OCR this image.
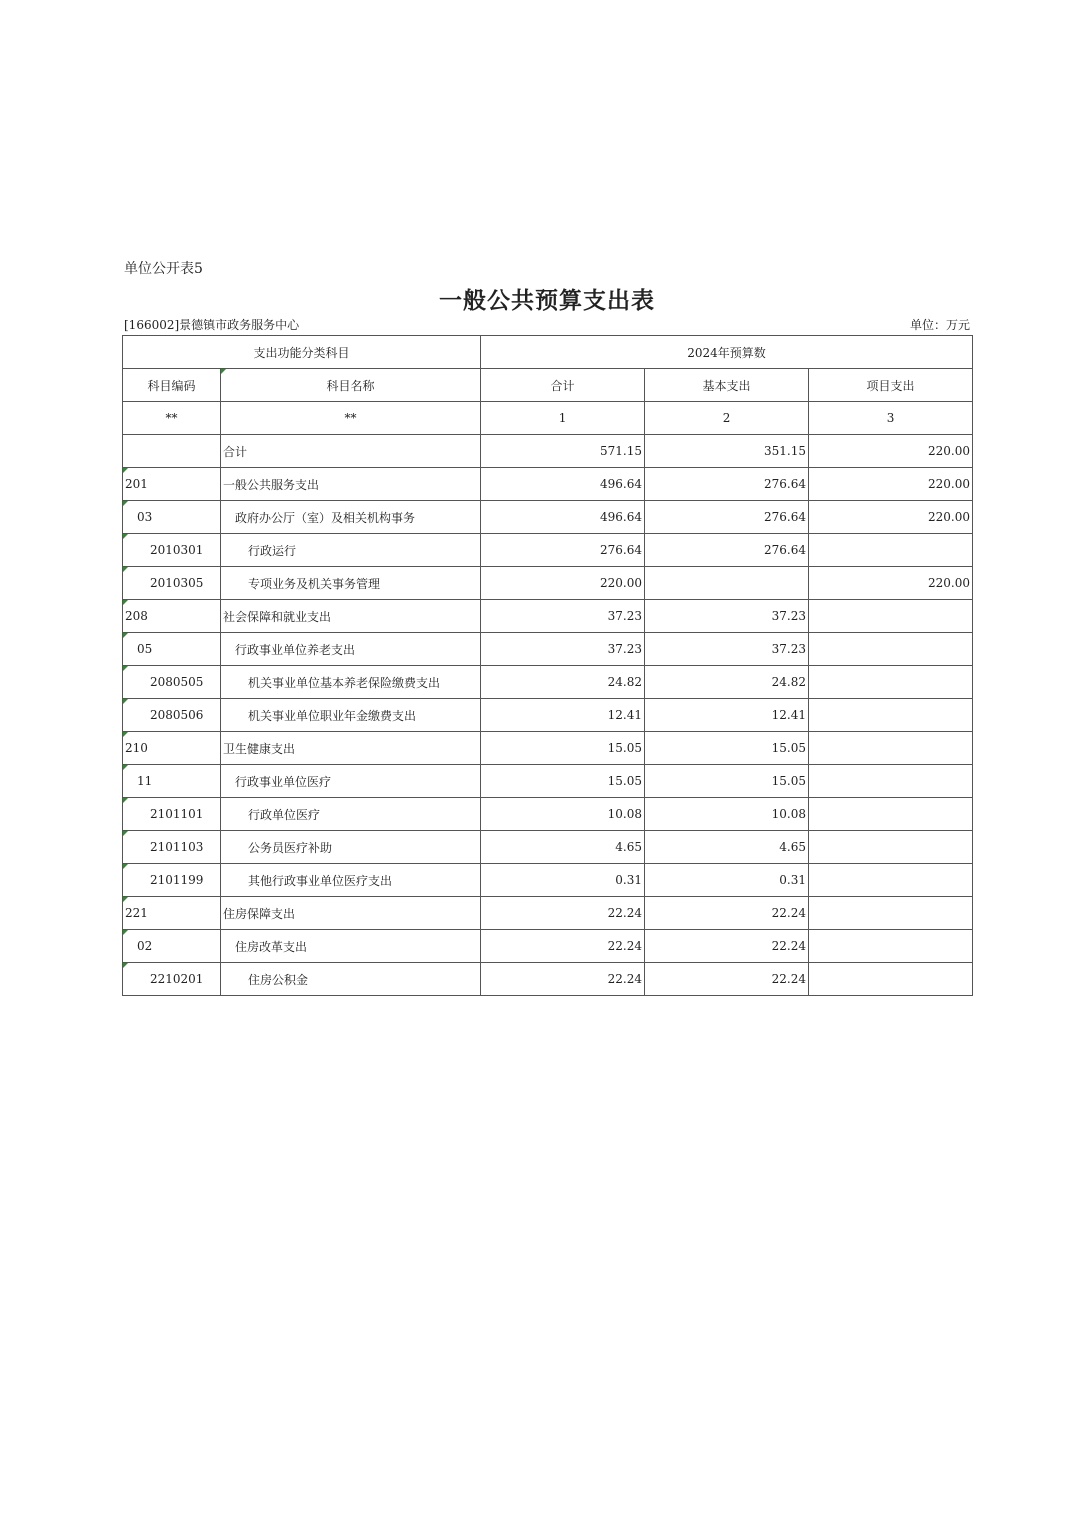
单位公开表5
一般公共预算支出表
[166002]景德镇市政务服务中心	单位：万元
支出功能分类科目		2024年预算数		
科目编码	科目名称	合计	基本支出	项目支出
**	**	1	2	3
	合计	571.15	351.15	220.00

201	一般公共服务支出	496.64	276.64	220.00

03	政府办公厅（室）及相关机构事务	496.64	276.64	220.00

2010301	行政运行	276.64	276.64	

2010305	专项业务及机关事务管理	220.00		220.00

208	社会保障和就业支出	37.23	37.23	

05	行政事业单位养老支出	37.23	37.23	

2080505	机关事业单位基本养老保险缴费支出	24.82	24.82	

2080506	机关事业单位职业年金缴费支出	12.41	12.41	

210	卫生健康支出	15.05	15.05	

11	行政事业单位医疗	15.05	15.05	

2101101	行政单位医疗	10.08	10.08	

2101103	公务员医疗补助	4.65	4.65	

2101199	其他行政事业单位医疗支出	0.31	0.31	

221	住房保障支出	22.24	22.24	

02	住房改革支出	22.24	22.24	

2210201	住房公积金	22.24	22.24	
